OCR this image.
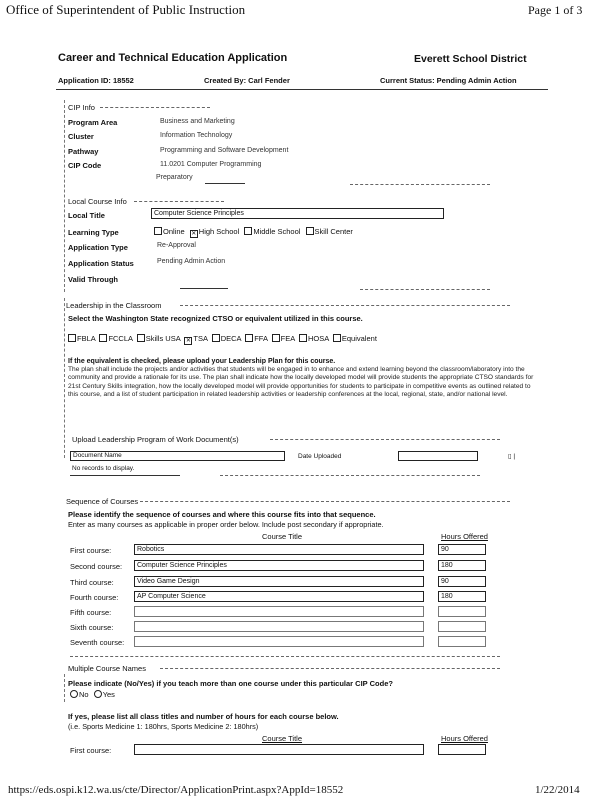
Office of Superintendent of Public Instruction	Page 1 of 3
Career and Technical Education Application	Everett School District
Application ID: 18552	Created By: Carl Fender	Current Status: Pending Admin Action
CIP Info
Program Area	Business and Marketing
Cluster	Information Technology
Pathway	Programming and Software Development
CIP Code	11.0201 Computer Programming
Preparatory
Local Course Info
Local Title	Computer Science Principles
Learning Type	Online ✕ High School Middle School Skill Center
Application Type	Re-Approval
Application Status	Pending Admin Action
Valid Through
Leadership in the Classroom
Select the Washington State recognized CTSO or equivalent utilized in this course.
FBLA FCCLA Skills USA ✕ TSA DECA FFA FEA HOSA Equivalent
If the equivalent is checked, please upload your Leadership Plan for this course.
The plan shall include the projects and/or activities that students will be engaged in to enhance and extend learning beyond the classroom/laboratory into the community and provide a rationale for its use. The plan shall indicate how the locally developed model will provide students the appropriate CTSO standards for 21st Century Skills integration, how the locally developed model will provide opportunities for students to participate in competitive events as outlined related to this course, and a list of student participation in related leadership activities or leadership conferences at the local, regional, state, and/or national level.
Upload Leadership Program of Work Document(s)
Document Name	Date Uploaded	▯ |
No records to display.
Sequence of Courses
Please identify the sequence of courses and where this course fits into that sequence.
Enter as many courses as applicable in proper order below. Include post secondary if appropriate.
Course Title	Hours Offered
First course:	Robotics	90
Second course:	Computer Science Principles	180
Third course:	Video Game Design	90
Fourth course:	AP Computer Science	180
Fifth course:
Sixth course:
Seventh course:
Multiple Course Names
Please indicate (No/Yes) if you teach more than one course under this particular CIP Code?
No Yes
If yes, please list all class titles and number of hours for each course below.
(i.e. Sports Medicine 1: 180hrs, Sports Medicine 2: 180hrs)
Course Title	Hours Offered
First course:
https://eds.ospi.k12.wa.us/cte/Director/ApplicationPrint.aspx?AppId=18552	1/22/2014
